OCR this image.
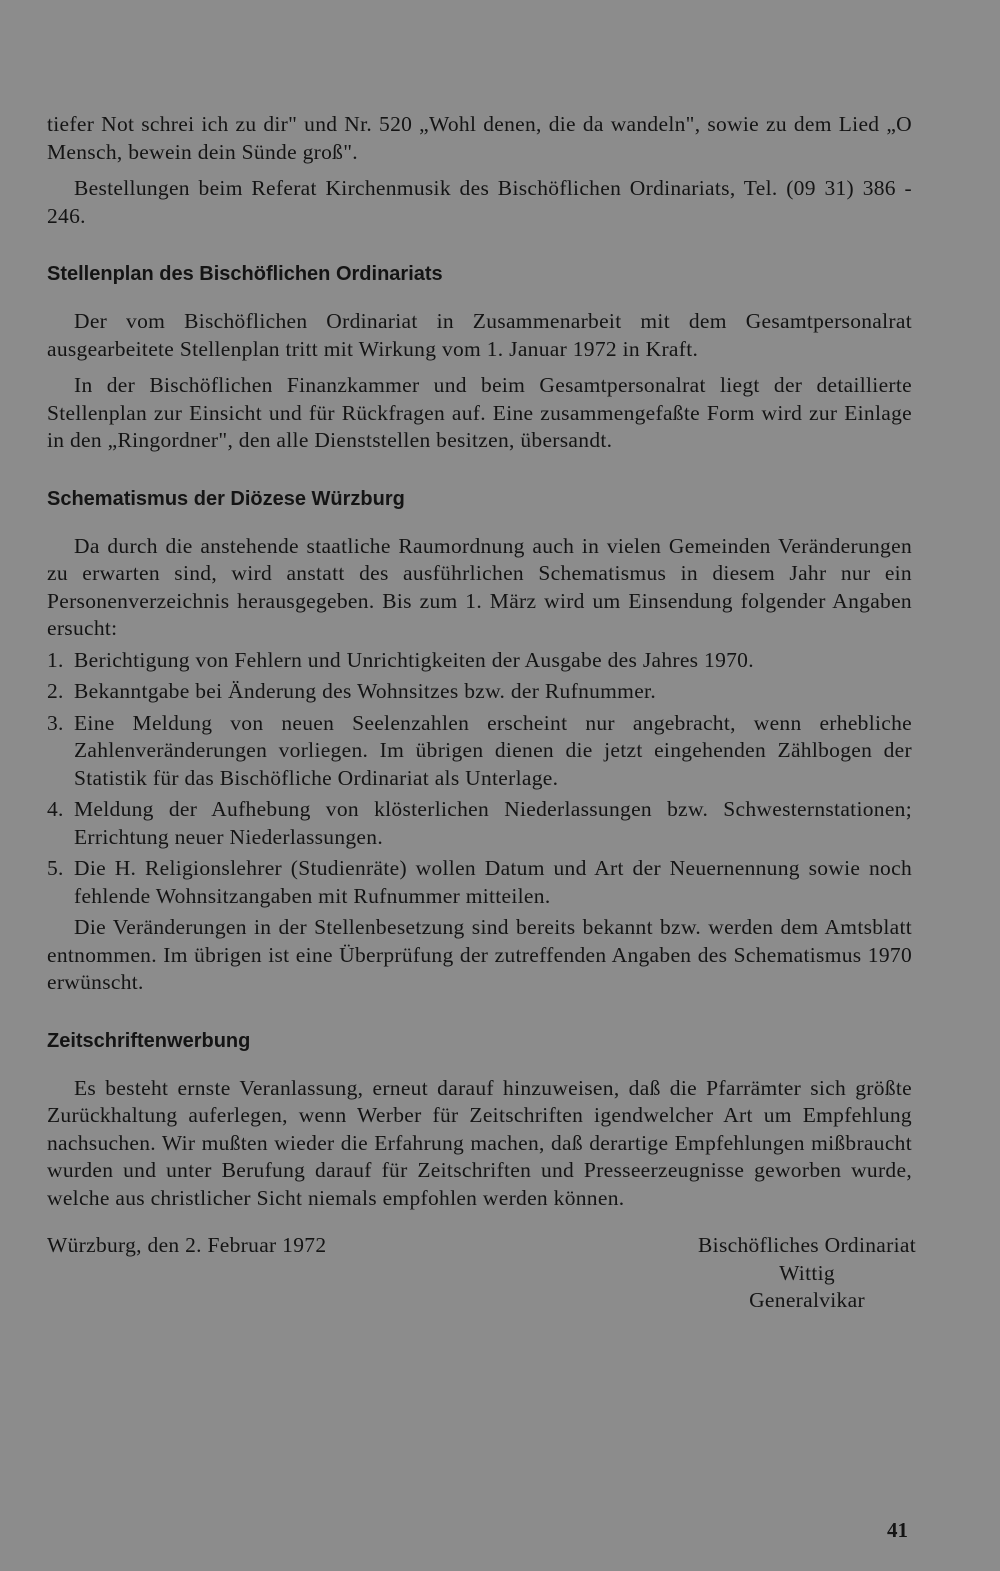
tiefer Not schrei ich zu dir" und Nr. 520 „Wohl denen, die da wandeln", sowie zu dem Lied „O Mensch, bewein dein Sünde groß".

Bestellungen beim Referat Kirchenmusik des Bischöflichen Ordinariats, Tel. (09 31) 386 - 246.

Stellenplan des Bischöflichen Ordinariats

Der vom Bischöflichen Ordinariat in Zusammenarbeit mit dem Gesamtpersonalrat ausgearbeitete Stellenplan tritt mit Wirkung vom 1. Januar 1972 in Kraft.

In der Bischöflichen Finanzkammer und beim Gesamtpersonalrat liegt der detaillierte Stellenplan zur Einsicht und für Rückfragen auf. Eine zusammengefaßte Form wird zur Einlage in den „Ringordner", den alle Dienststellen besitzen, übersandt.

Schematismus der Diözese Würzburg

Da durch die anstehende staatliche Raumordnung auch in vielen Gemeinden Veränderungen zu erwarten sind, wird anstatt des ausführlichen Schematismus in diesem Jahr nur ein Personenverzeichnis herausgegeben. Bis zum 1. März wird um Einsendung folgender Angaben ersucht:

1. Berichtigung von Fehlern und Unrichtigkeiten der Ausgabe des Jahres 1970.
2. Bekanntgabe bei Änderung des Wohnsitzes bzw. der Rufnummer.
3. Eine Meldung von neuen Seelenzahlen erscheint nur angebracht, wenn erhebliche Zahlenveränderungen vorliegen. Im übrigen dienen die jetzt eingehenden Zählbogen der Statistik für das Bischöfliche Ordinariat als Unterlage.
4. Meldung der Aufhebung von klösterlichen Niederlassungen bzw. Schwesternstationen; Errichtung neuer Niederlassungen.
5. Die H. Religionslehrer (Studienräte) wollen Datum und Art der Neuernennung sowie noch fehlende Wohnsitzangaben mit Rufnummer mitteilen.

Die Veränderungen in der Stellenbesetzung sind bereits bekannt bzw. werden dem Amtsblatt entnommen. Im übrigen ist eine Überprüfung der zutreffenden Angaben des Schematismus 1970 erwünscht.

Zeitschriftenwerbung

Es besteht ernste Veranlassung, erneut darauf hinzuweisen, daß die Pfarrämter sich größte Zurückhaltung auferlegen, wenn Werber für Zeitschriften igendwelcher Art um Empfehlung nachsuchen. Wir mußten wieder die Erfahrung machen, daß derartige Empfehlungen mißbraucht wurden und unter Berufung darauf für Zeitschriften und Presseerzeugnisse geworben wurde, welche aus christlicher Sicht niemals empfohlen werden können.

Würzburg, den 2. Februar 1972	Bischöfliches Ordinariat
Wittig
Generalvikar
41
